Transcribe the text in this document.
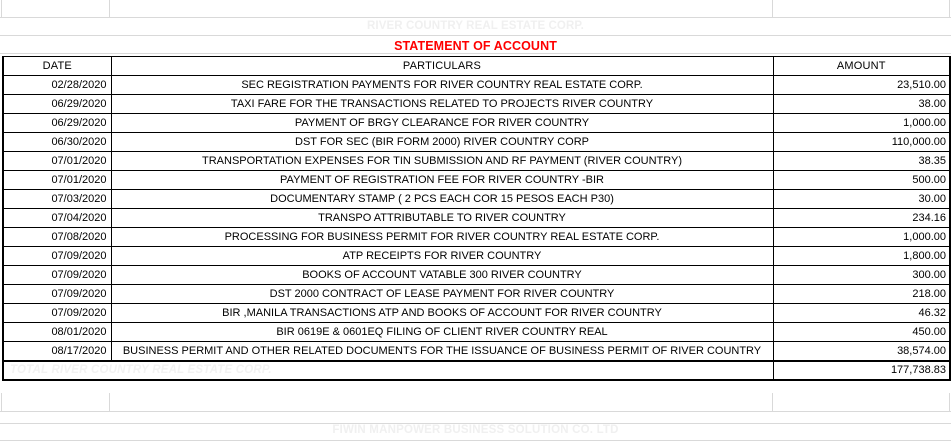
RIVER COUNTRY REAL ESTATE CORP.
STATEMENT OF ACCOUNT
DATE	PARTICULARS	AMOUNT
02/28/2020	SEC REGISTRATION PAYMENTS FOR RIVER COUNTRY REAL ESTATE CORP.	23,510.00
06/29/2020	TAXI FARE FOR THE TRANSACTIONS RELATED TO PROJECTS RIVER COUNTRY	38.00
06/29/2020	PAYMENT OF BRGY CLEARANCE FOR RIVER COUNTRY	1,000.00
06/30/2020	DST FOR SEC (BIR FORM 2000) RIVER COUNTRY CORP	110,000.00
07/01/2020	TRANSPORTATION EXPENSES FOR TIN SUBMISSION AND RF PAYMENT (RIVER COUNTRY)	38.35
07/01/2020	PAYMENT OF REGISTRATION FEE FOR RIVER COUNTRY -BIR	500.00
07/03/2020	DOCUMENTARY STAMP ( 2 PCS EACH COR 15 PESOS EACH P30)	30.00
07/04/2020	TRANSPO ATTRIBUTABLE TO RIVER COUNTRY	234.16
07/08/2020	PROCESSING FOR BUSINESS PERMIT FOR RIVER COUNTRY REAL ESTATE CORP.	1,000.00
07/09/2020	ATP RECEIPTS FOR RIVER COUNTRY	1,800.00
07/09/2020	BOOKS OF ACCOUNT VATABLE 300 RIVER COUNTRY	300.00
07/09/2020	DST 2000 CONTRACT OF LEASE PAYMENT FOR RIVER COUNTRY	218.00
07/09/2020	BIR ,MANILA TRANSACTIONS ATP AND BOOKS OF ACCOUNT FOR RIVER COUNTRY	46.32
08/01/2020	BIR 0619E & 0601EQ FILING OF CLIENT RIVER COUNTRY REAL	450.00
08/17/2020	BUSINESS PERMIT AND OTHER RELATED DOCUMENTS FOR THE ISSUANCE OF BUSINESS PERMIT OF RIVER COUNTRY	38,574.00
TOTAL RIVER COUNTRY REAL ESTATE CORP.		177,738.83
FIWIN MANPOWER BUSINESS SOLUTION CO. LTD
